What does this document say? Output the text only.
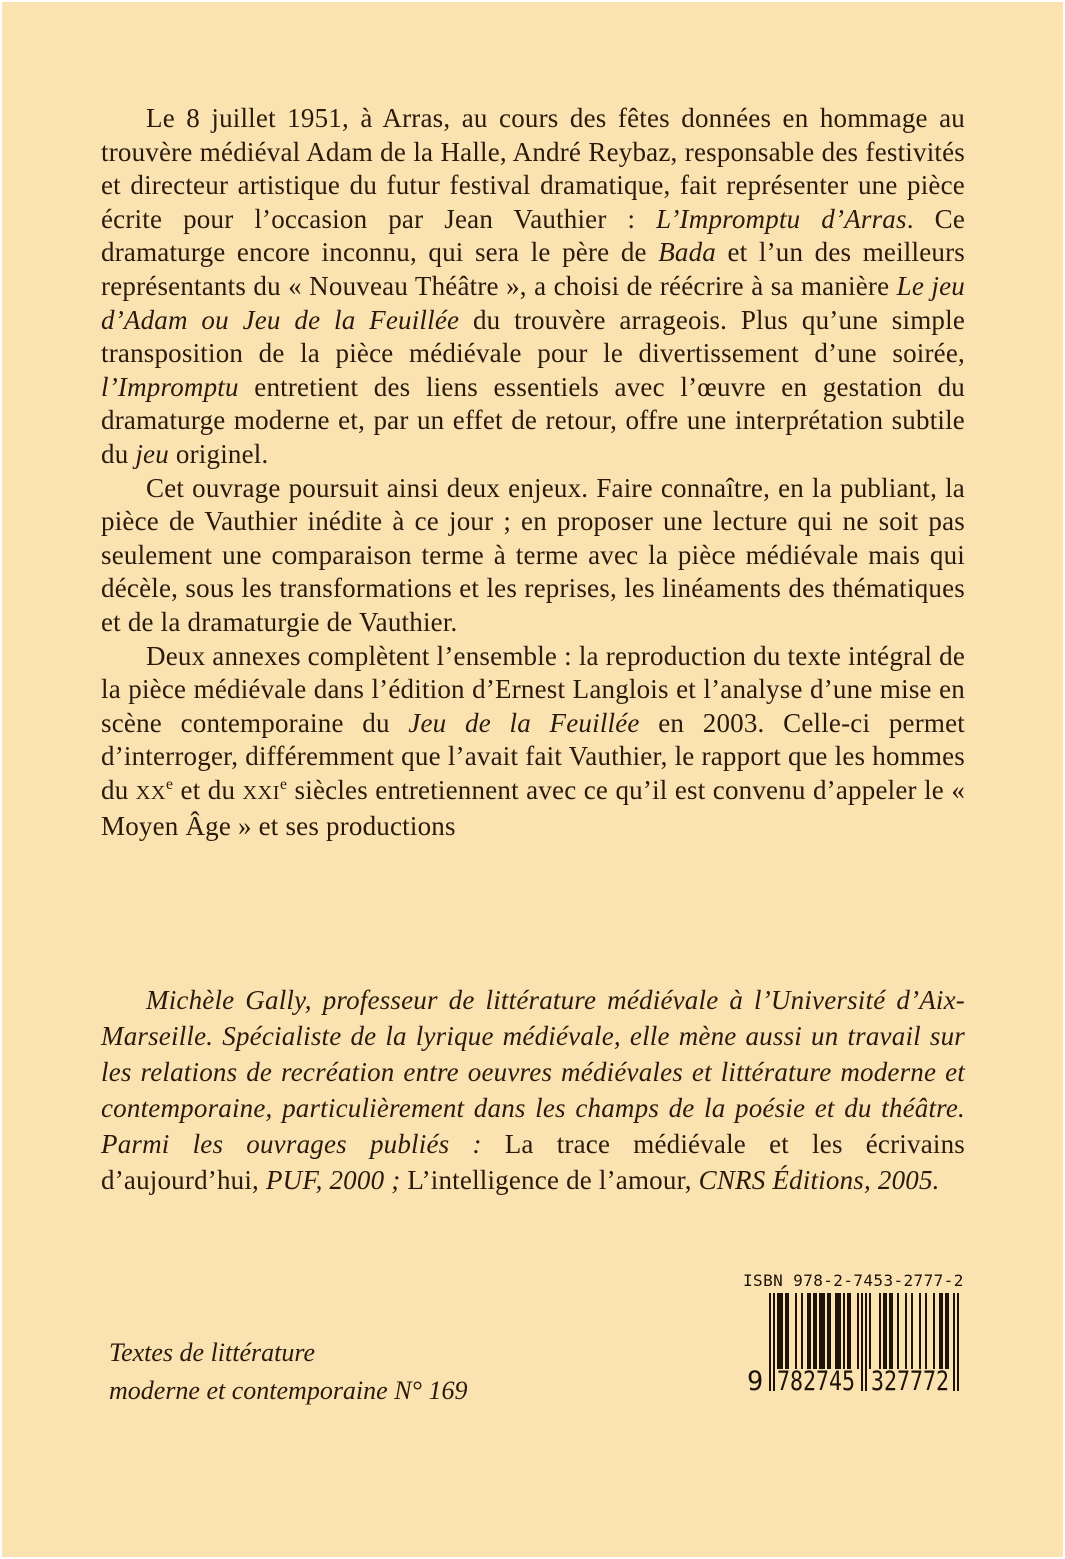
Le 8 juillet 1951, à Arras, au cours des fêtes données en hommage au trouvère médiéval Adam de la Halle, André Reybaz, responsable des festivités et directeur artistique du futur festival dramatique, fait représenter une pièce écrite pour l’occasion par Jean Vauthier : L’Impromptu d’Arras. Ce dramaturge encore inconnu, qui sera le père de Bada et l’un des meilleurs représentants du « Nouveau Théâtre », a choisi de réécrire à sa manière Le jeu d’Adam ou Jeu de la Feuillée du trouvère arrageois. Plus qu’une simple transposition de la pièce médiévale pour le divertissement d’une soirée, l’Impromptu entretient des liens essentiels avec l’œuvre en gestation du dramaturge moderne et, par un effet de retour, offre une interprétation subtile du jeu originel.

Cet ouvrage poursuit ainsi deux enjeux. Faire connaître, en la publiant, la pièce de Vauthier inédite à ce jour ; en proposer une lecture qui ne soit pas seulement une comparaison terme à terme avec la pièce médiévale mais qui décèle, sous les transformations et les reprises, les linéaments des thématiques et de la dramaturgie de Vauthier.

Deux annexes complètent l’ensemble : la reproduction du texte intégral de la pièce médiévale dans l’édition d’Ernest Langlois et l’analyse d’une mise en scène contemporaine du Jeu de la Feuillée en 2003. Celle-ci permet d’interroger, différemment que l’avait fait Vauthier, le rapport que les hommes du XXe et du XXIe siècles entretiennent avec ce qu’il est convenu d’appeler le « Moyen Âge » et ses productions

Michèle Gally, professeur de littérature médiévale à l’Université d’Aix-Marseille. Spécialiste de la lyrique médiévale, elle mène aussi un travail sur les relations de recréation entre oeuvres médiévales et littérature moderne et contemporaine, particulièrement dans les champs de la poésie et du théâtre. Parmi les ouvrages publiés : La trace médiévale et les écrivains d’aujourd’hui, PUF, 2000 ; L’intelligence de l’amour, CNRS Éditions, 2005.

Textes de littérature
moderne et contemporaine N° 169
ISBN 978-2-7453-2777-2
9 782745 327772
